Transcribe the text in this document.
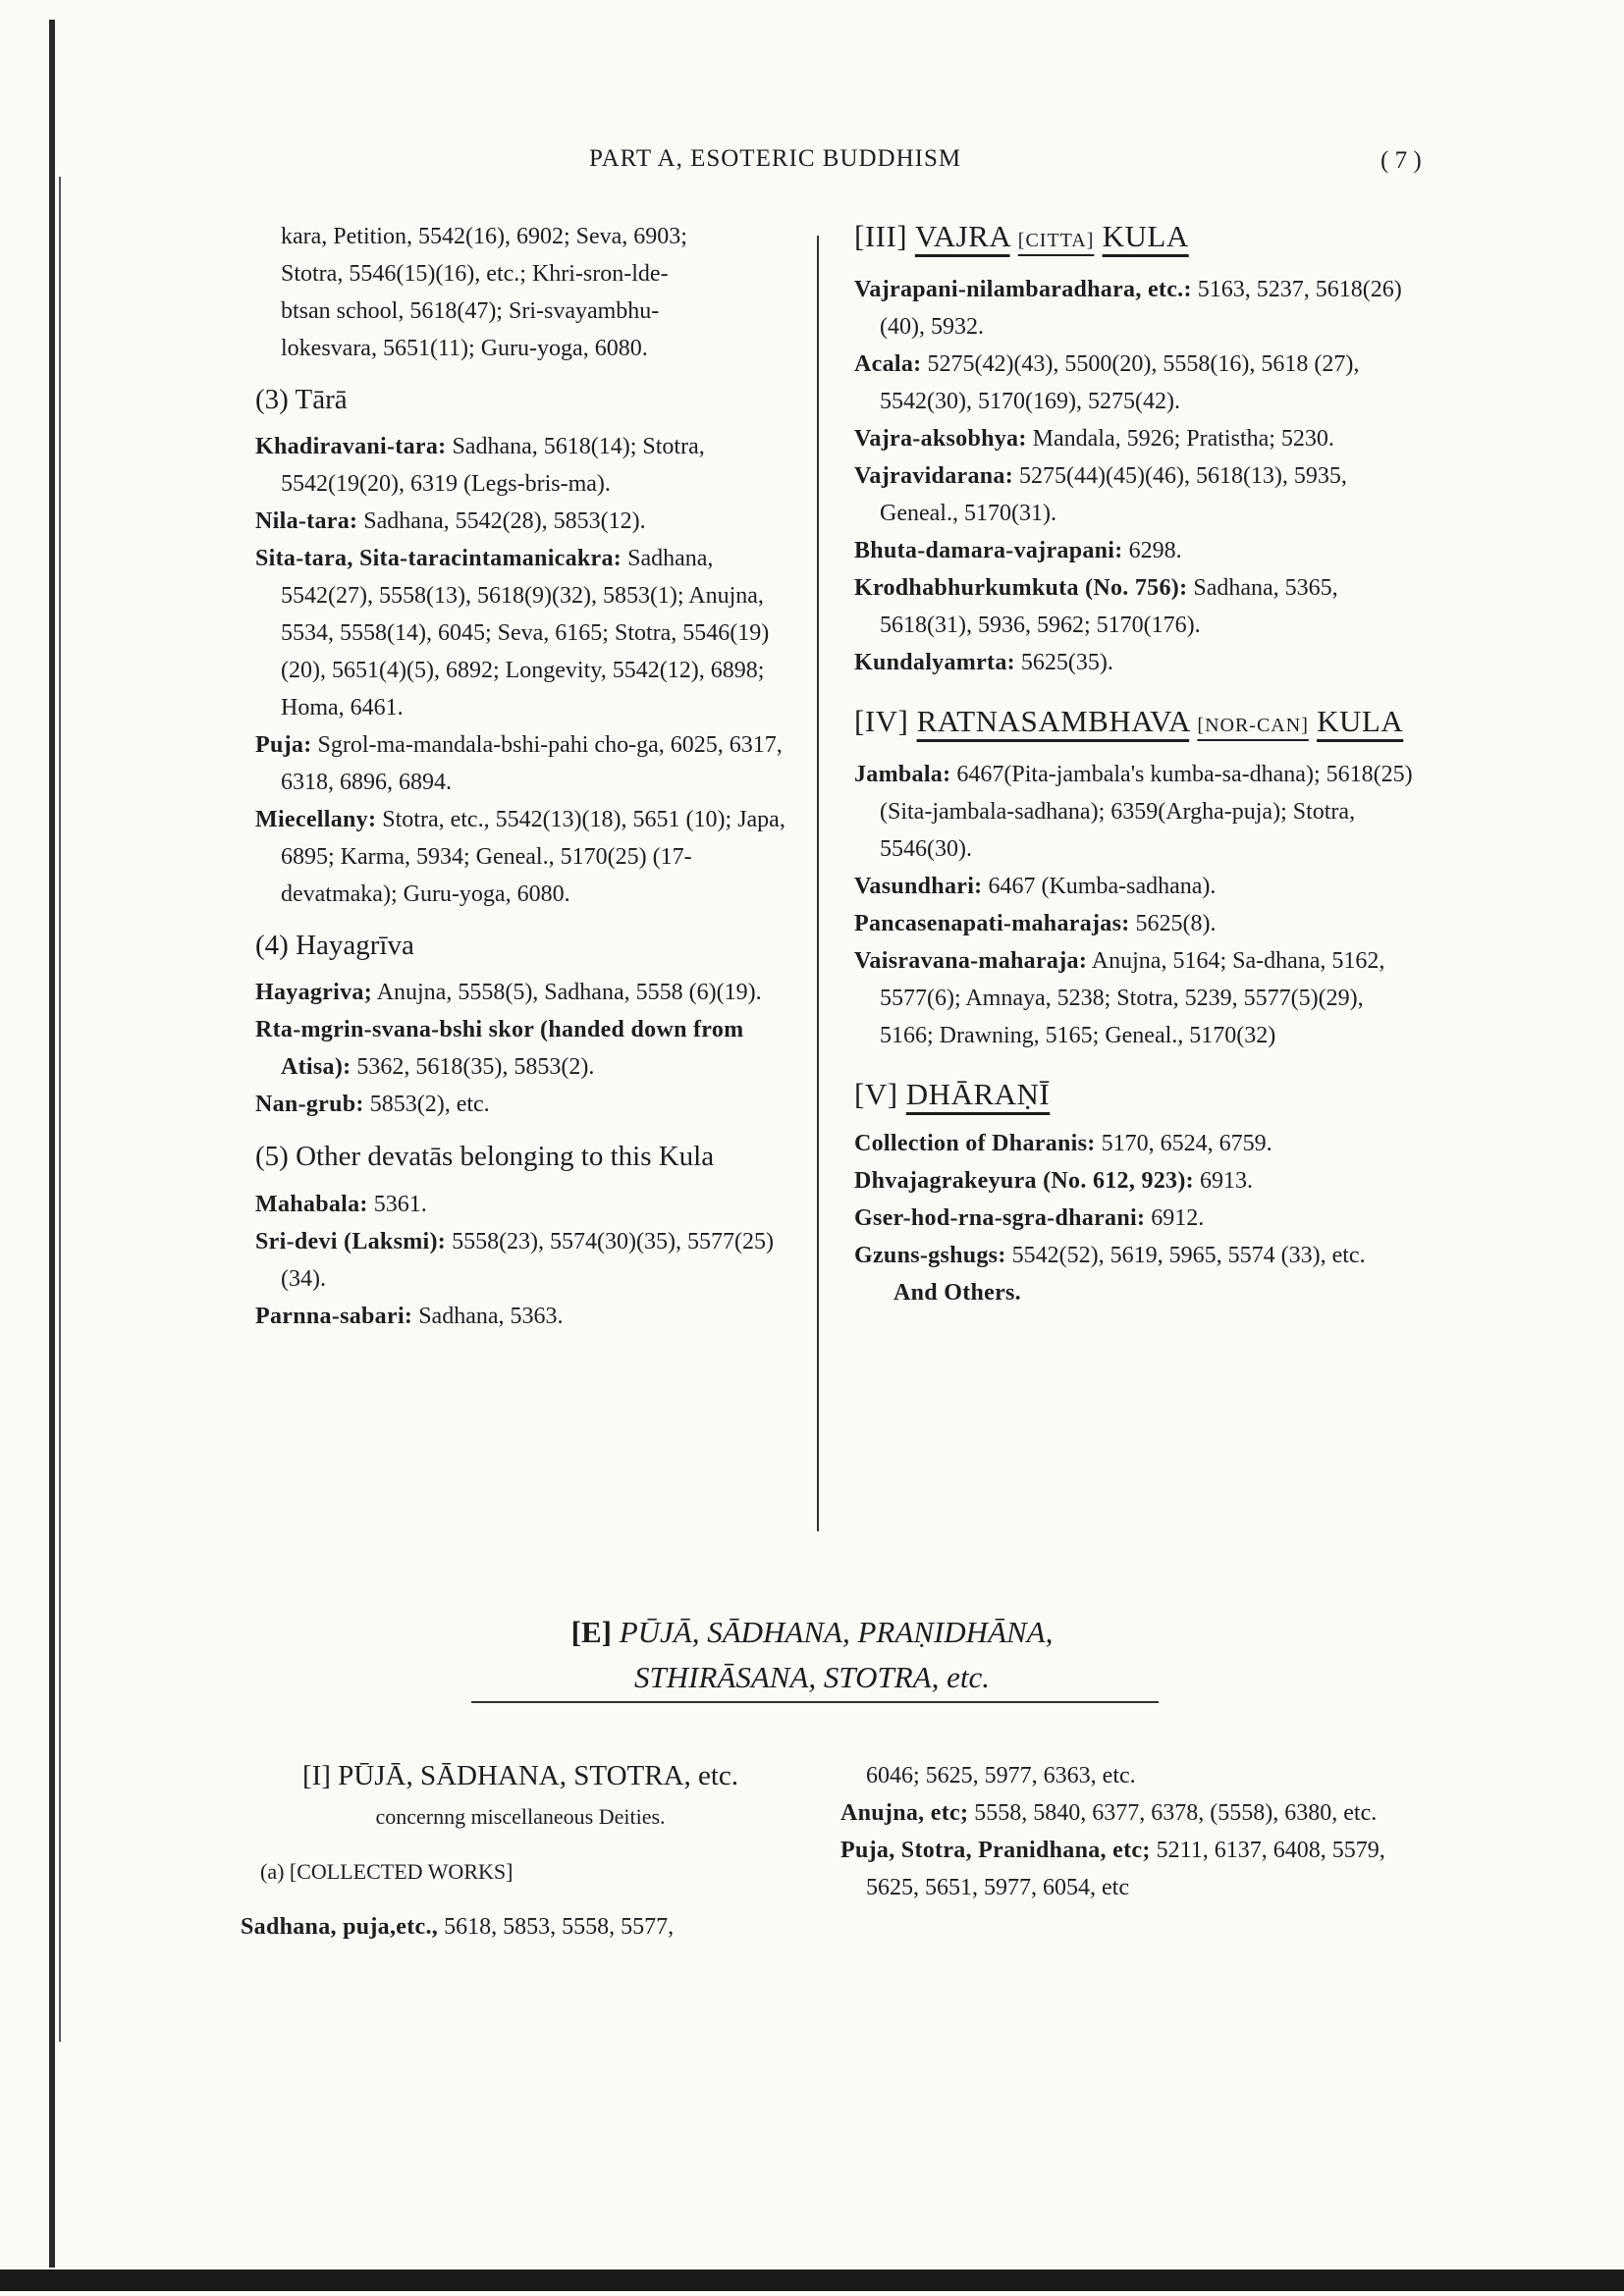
PART A, ESOTERIC BUDDHISM	( 7 )

kara, Petition, 5542(16), 6902; Seva, 6903;

Stotra, 5546(15)(16), etc.; Khri-sron-lde-

btsan school, 5618(47); Sri-svayambhu-

lokesvara, 5651(11); Guru-yoga, 6080.

(3) Tārā

Khadiravani-tara: Sadhana, 5618(14); Stotra, 5542(19(20), 6319 (Legs-bris-ma).

Nila-tara: Sadhana, 5542(28), 5853(12).

Sita-tara, Sita-taracintamanicakra: Sadhana, 5542(27), 5558(13), 5618(9)(32), 5853(1); Anujna, 5534, 5558(14), 6045; Seva, 6165; Stotra, 5546(19)(20), 5651(4)(5), 6892; Longevity, 5542(12), 6898; Homa, 6461.

Puja: Sgrol-ma-mandala-bshi-pahi cho-ga, 6025, 6317, 6318, 6896, 6894.

Miecellany: Stotra, etc., 5542(13)(18), 5651 (10); Japa, 6895; Karma, 5934; Geneal., 5170(25) (17-devatmaka); Guru-yoga, 6080.

(4) Hayagrīva

Hayagriva; Anujna, 5558(5), Sadhana, 5558 (6)(19).

Rta-mgrin-svana-bshi skor (handed down from Atisa): 5362, 5618(35), 5853(2).

Nan-grub: 5853(2), etc.

(5) Other devatās belonging to this Kula

Mahabala: 5361.

Sri-devi (Laksmi): 5558(23), 5574(30)(35), 5577(25)(34).

Parnna-sabari: Sadhana, 5363.

[III] VAJRA [CITTA] KULA

Vajrapani-nilambaradhara, etc.: 5163, 5237, 5618(26)(40), 5932.

Acala: 5275(42)(43), 5500(20), 5558(16), 5618 (27), 5542(30), 5170(169), 5275(42).

Vajra-aksobhya: Mandala, 5926; Pratistha; 5230.

Vajravidarana: 5275(44)(45)(46), 5618(13), 5935, Geneal., 5170(31).

Bhuta-damara-vajrapani: 6298.

Krodhabhurkumkuta (No. 756): Sadhana, 5365, 5618(31), 5936, 5962; 5170(176).

Kundalyamrta: 5625(35).

[IV] RATNASAMBHAVA [NOR-CAN] KULA

Jambala: 6467(Pita-jambala's kumba-sa-dhana); 5618(25) (Sita-jambala-sadhana); 6359(Argha-puja); Stotra, 5546(30).

Vasundhari: 6467 (Kumba-sadhana).

Pancasenapati-maharajas: 5625(8).

Vaisravana-maharaja: Anujna, 5164; Sa-dhana, 5162, 5577(6); Amnaya, 5238; Stotra, 5239, 5577(5)(29), 5166; Drawning, 5165; Geneal., 5170(32)

[V] DHĀRAṆĪ

Collection of Dharanis: 5170, 6524, 6759.

Dhvajagrakeyura (No. 612, 923): 6913.

Gser-hod-rna-sgra-dharani: 6912.

Gzuns-gshugs: 5542(52), 5619, 5965, 5574 (33), etc.

And Others.

[E] PŪJĀ, SĀDHANA, PRAṆIDHĀNA,
STHIRĀSANA, STOTRA, etc.
[I] PŪJĀ, SĀDHANA, STOTRA, etc.
concernng miscellaneous Deities.
(a) [COLLECTED WORKS]

Sadhana, puja,etc., 5618, 5853, 5558, 5577,

6046; 5625, 5977, 6363, etc.

Anujna, etc; 5558, 5840, 6377, 6378, (5558), 6380, etc.

Puja, Stotra, Pranidhana, etc; 5211, 6137, 6408, 5579, 5625, 5651, 5977, 6054, etc
